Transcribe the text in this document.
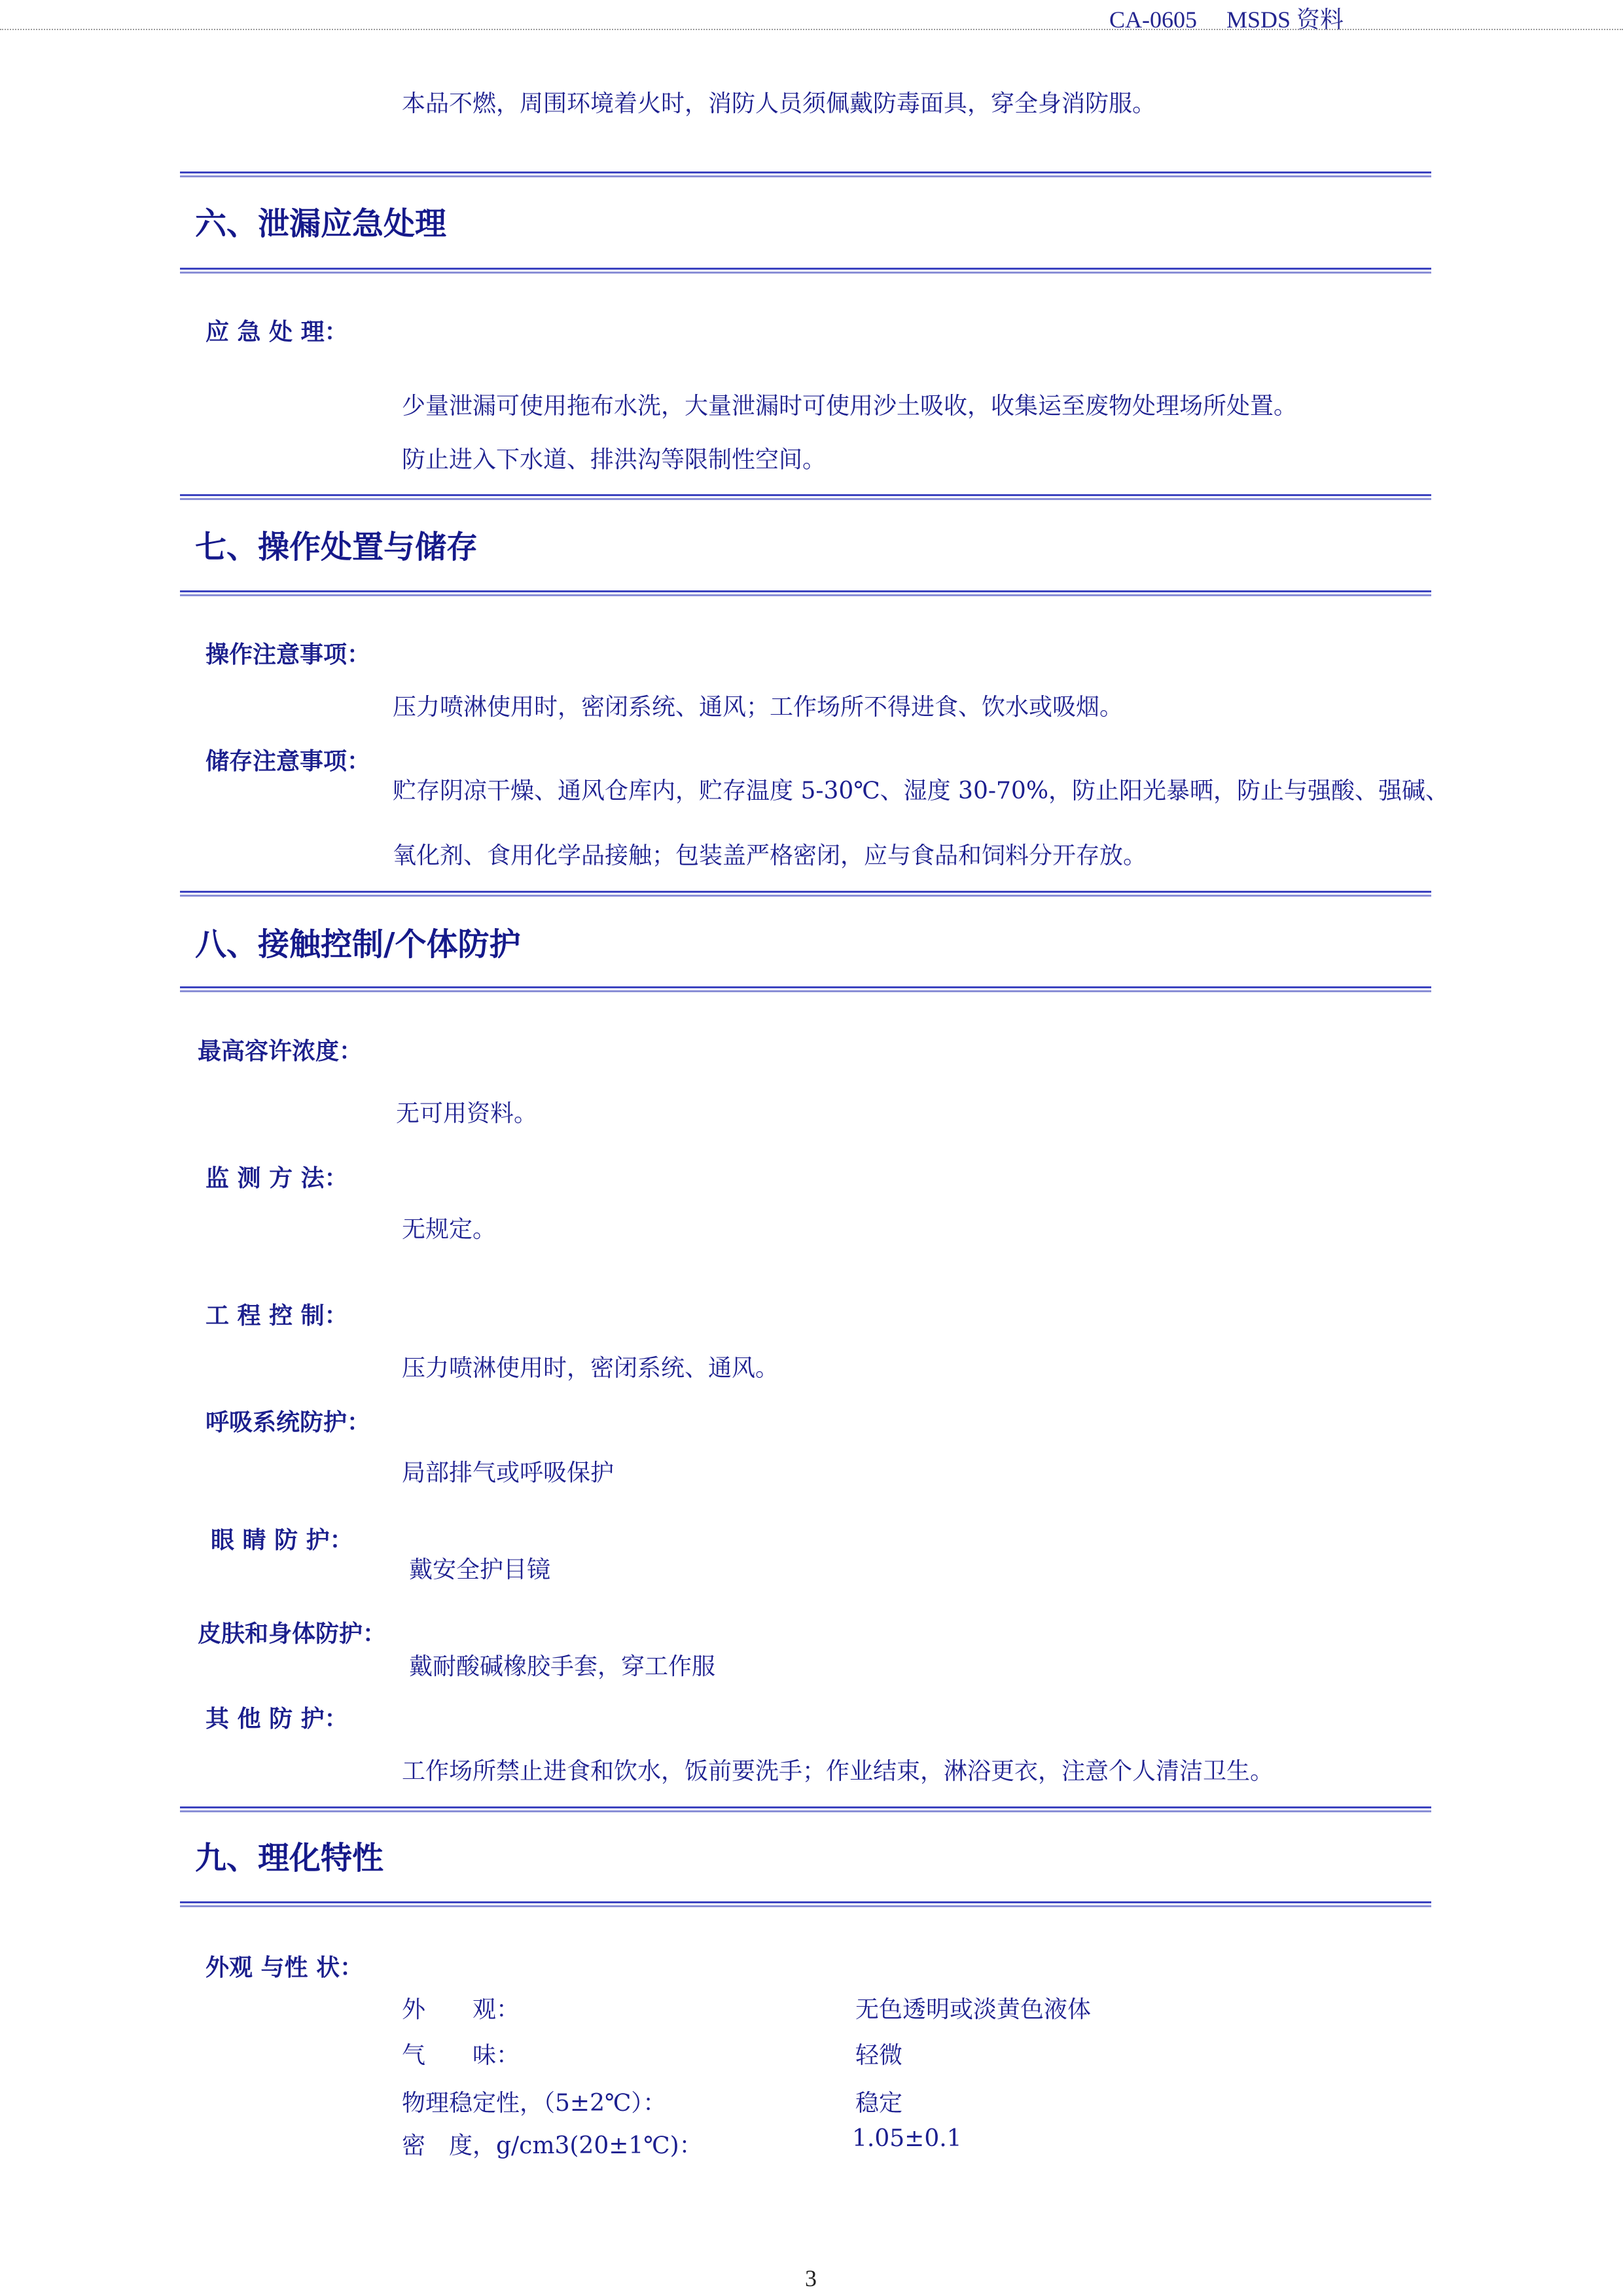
CA-0605 MSDS 资料
本品不燃，周围环境着火时，消防人员须佩戴防毒面具，穿全身消防服。
六、泄漏应急处理
应 急 处 理：
少量泄漏可使用拖布水洗，大量泄漏时可使用沙土吸收，收集运至废物处理场所处置。
防止进入下水道、排洪沟等限制性空间。
七、操作处置与储存
操作注意事项：
压力喷淋使用时，密闭系统、通风；工作场所不得进食、饮水或吸烟。
储存注意事项：
贮存阴凉干燥、通风仓库内，贮存温度 5-30℃、湿度 30-70%，防止阳光暴晒，防止与强酸、强碱、
氧化剂、食用化学品接触；包装盖严格密闭，应与食品和饲料分开存放。
八、接触控制/个体防护
最高容许浓度：
无可用资料。
监 测 方 法：
无规定。
工 程 控 制：
压力喷淋使用时，密闭系统、通风。
呼吸系统防护：
局部排气或呼吸保护
眼 睛 防 护：
戴安全护目镜
皮肤和身体防护：
戴耐酸碱橡胶手套，穿工作服
其 他 防 护：
工作场所禁止进食和饮水，饭前要洗手；作业结束，淋浴更衣，注意个人清洁卫生。
九、理化特性
外观 与性 状：
外　　观：	无色透明或淡黄色液体
气　　味：	轻微
物理稳定性，（5±2℃）：	稳定
密　度，g/cm3(20±1℃)：	1.05±0.1
3
